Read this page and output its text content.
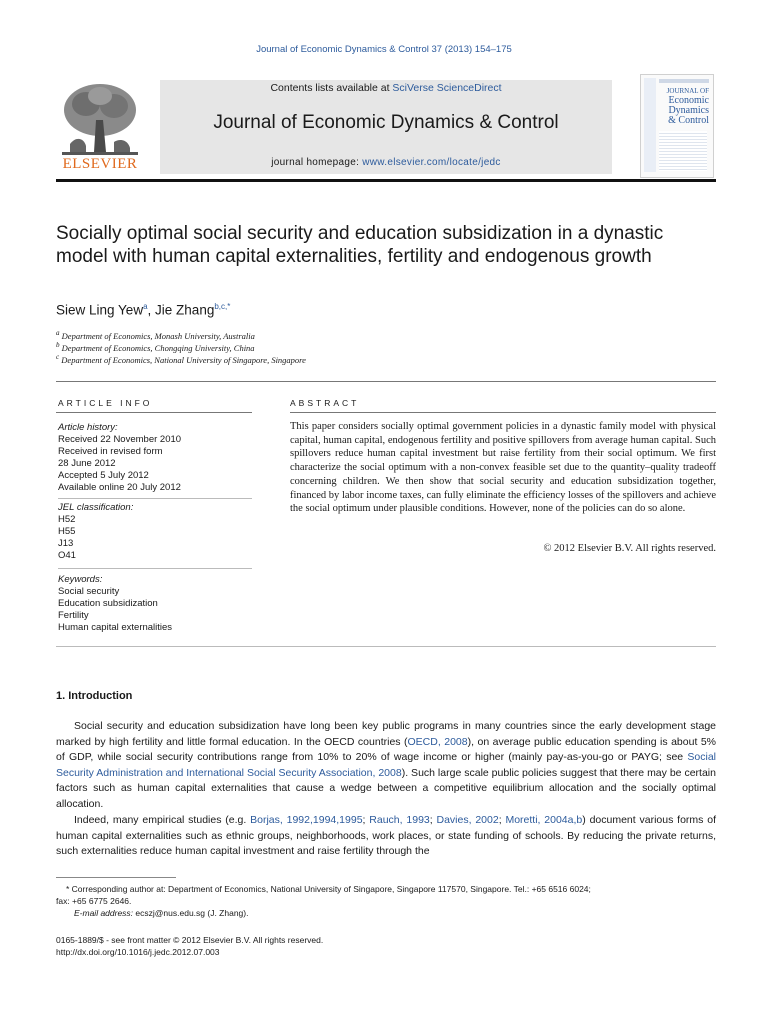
Journal of Economic Dynamics & Control 37 (2013) 154–175
Contents lists available at SciVerse ScienceDirect
Journal of Economic Dynamics & Control
journal homepage: www.elsevier.com/locate/jedc
ELSEVIER
JOURNAL OF
Economic
Dynamics
& Control
Socially optimal social security and education subsidization in a dynastic model with human capital externalities, fertility and endogenous growth
Siew Ling Yew$^a$, Jie Zhang$^{b,c,*}$
$^a$ Department of Economics, Monash University, Australia
$^b$ Department of Economics, Chongqing University, China
$^c$ Department of Economics, National University of Singapore, Singapore
ARTICLE INFO
Article history:
Received 22 November 2010
Received in revised form
28 June 2012
Accepted 5 July 2012
Available online 20 July 2012
JEL classification:
H52
H55
J13
O41
Keywords:
Social security
Education subsidization
Fertility
Human capital externalities
ABSTRACT
This paper considers socially optimal government policies in a dynastic family model with physical capital, human capital, endogenous fertility and positive spillovers from average human capital. Such spillovers reduce human capital investment but raise fertility from their social optimum. We first characterize the social optimum with a non-convex feasible set due to the quantity–quality tradeoff concerning children. We then show that social security and education subsidization together, financed by labor income taxes, can fully eliminate the efficiency losses of the spillovers and achieve the social optimum under plausible conditions. However, none of the policies can do so alone.
© 2012 Elsevier B.V. All rights reserved.
1. Introduction
Social security and education subsidization have long been key public programs in many countries since the early development stage marked by high fertility and little formal education. In the OECD countries (OECD, 2008), on average public education spending is about 5% of GDP, while social security contributions range from 10% to 20% of wage income or higher (mainly pay-as-you-go or PAYG; see Social Security Administration and International Social Security Association, 2008). Such large scale public policies suggest that there may be certain factors such as human capital externalities that cause a wedge between a competitive equilibrium allocation and the socially optimal allocation.
Indeed, many empirical studies (e.g. Borjas, 1992,1994,1995; Rauch, 1993; Davies, 2002; Moretti, 2004a,b) document various forms of human capital externalities such as ethnic groups, neighborhoods, work places, or state funding of schools. By reducing the private returns, such externalities reduce human capital investment and raise fertility through the
* Corresponding author at: Department of Economics, National University of Singapore, Singapore 117570, Singapore. Tel.: +65 6516 6024;
fax: +65 6775 2646.
E-mail address: ecszj@nus.edu.sg (J. Zhang).
0165-1889/$ - see front matter © 2012 Elsevier B.V. All rights reserved.
http://dx.doi.org/10.1016/j.jedc.2012.07.003
